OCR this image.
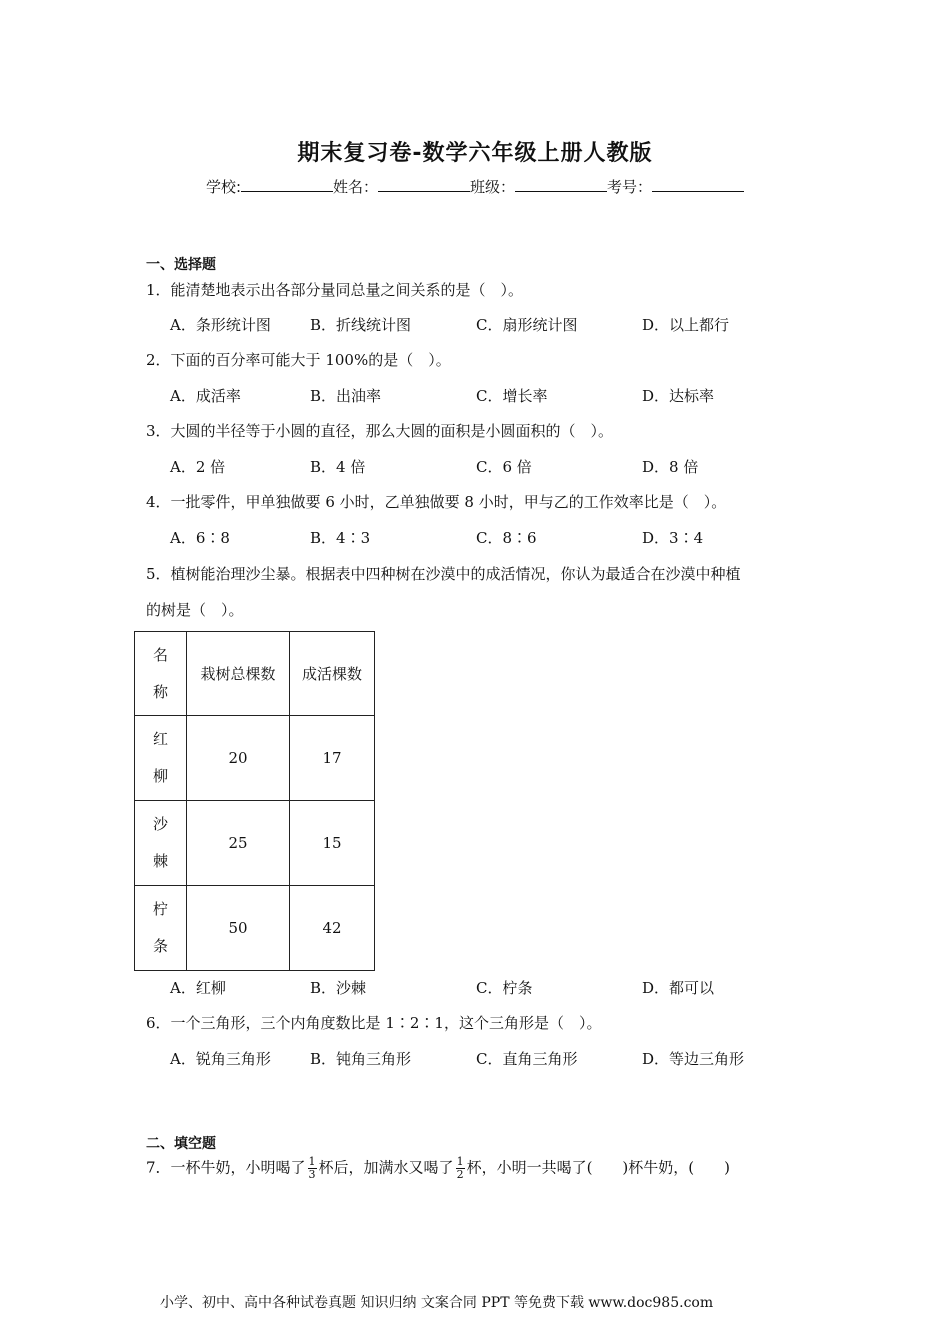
期末复习卷-数学六年级上册人教版
学校:	姓名：	班级：	考号：
一、选择题
1．能清楚地表示出各部分量同总量之间关系的是（　）。
A．条形统计图	B．折线统计图	C．扇形统计图	D．以上都行
2．下面的百分率可能大于 100%的是（　）。
A．成活率	B．出油率	C．增长率	D．达标率
3．大圆的半径等于小圆的直径，那么大圆的面积是小圆面积的（　）。
A．2 倍	B．4 倍	C．6 倍	D．8 倍
4．一批零件，甲单独做要 6 小时，乙单独做要 8 小时，甲与乙的工作效率比是（　）。
A．6∶8	B．4∶3	C．8∶6	D．3∶4
5．植树能治理沙尘暴。根据表中四种树在沙漠中的成活情况，你认为最适合在沙漠中种植
的树是（　）。
名
称	栽树总棵数	成活棵数

红
柳	20	17

沙
棘	25	15

柠
条	50	42
A．红柳	B．沙棘	C．柠条	D．都可以
6．一个三角形，三个内角度数比是 1∶2∶1，这个三角形是（　）。
A．锐角三角形	B．钝角三角形	C．直角三角形	D．等边三角形
二、填空题
7．一杯牛奶，小明喝了 $\frac{1}{3}$ 杯后，加满水又喝了 $\frac{1}{2}$ 杯，小明一共喝了(　　)杯牛奶，(　　)
小学、初中、高中各种试卷真题 知识归纳 文案合同 PPT 等免费下载 www.doc985.com
